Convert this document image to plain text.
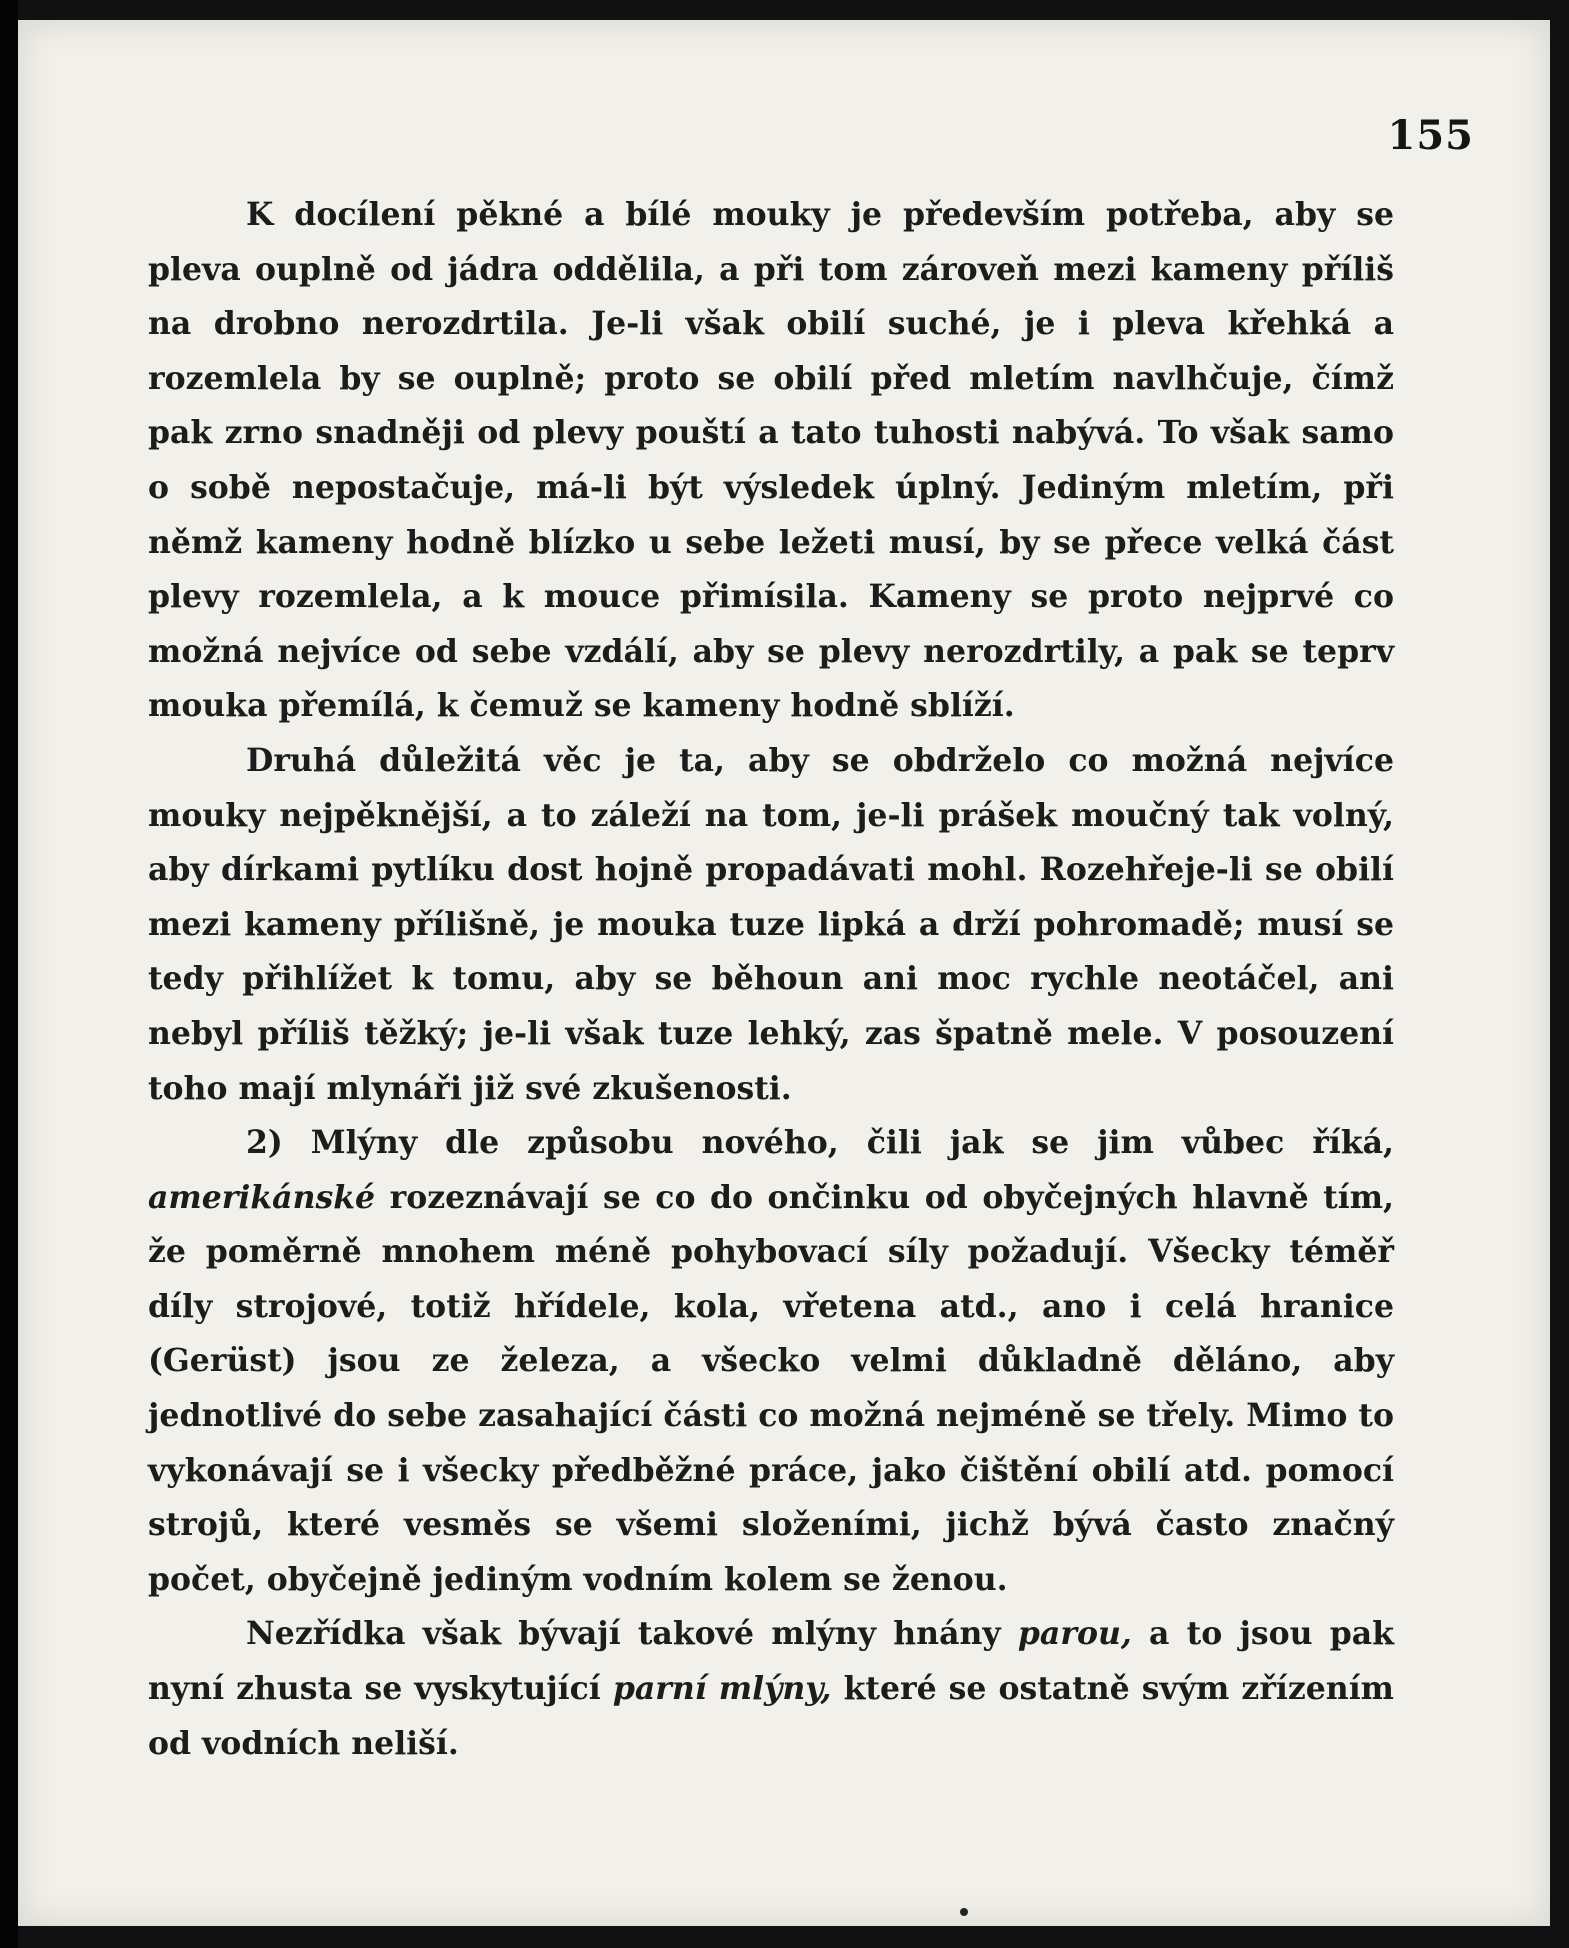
155

K docílení pěkné a bílé mouky je především potřeba, aby se pleva ouplně od jádra oddělila, a při tom zároveň mezi kameny příliš na drobno nerozdrtila. Je-li však obilí suché, je i pleva křehká a rozemlela by se ouplně; proto se obilí před mletím navlhčuje, čímž pak zrno snadněji od plevy pouští a tato tuhosti nabývá. To však samo o sobě nepostačuje, má-li být výsledek úplný. Jediným mletím, při němž kameny hodně blízko u sebe ležeti musí, by se přece velká část plevy rozemlela, a k mouce přimísila. Kameny se proto nejprvé co možná nejvíce od sebe vzdálí, aby se plevy nerozdrtily, a pak se teprv mouka přemílá, k čemuž se kameny hodně sblíží.

Druhá důležitá věc je ta, aby se obdrželo co možná nejvíce mouky nejpěknější, a to záleží na tom, je-li prášek moučný tak volný, aby dírkami pytlíku dost hojně propadávati mohl. Rozehřeje-li se obilí mezi kameny přílišně, je mouka tuze lipká a drží pohromadě; musí se tedy přihlížet k tomu, aby se běhoun ani moc rychle neotáčel, ani nebyl příliš těžký; je-li však tuze lehký, zas špatně mele. V posouzení toho mají mlynáři již své zkušenosti.

2) Mlýny dle způsobu nového, čili jak se jim vůbec říká, amerikánské rozeznávají se co do ončinku od obyčejných hlavně tím, že poměrně mnohem méně pohybovací síly požadují. Všecky téměř díly strojové, totiž hřídele, kola, vřetena atd., ano i celá hranice (Gerüst) jsou ze železa, a všecko velmi důkladně děláno, aby jednotlivé do sebe zasahající části co možná nejméně se třely. Mimo to vykonávají se i všecky předběžné práce, jako čištění obilí atd. pomocí strojů, které vesměs se všemi složeními, jichž bývá často značný počet, obyčejně jediným vodním kolem se ženou.

Nezřídka však bývají takové mlýny hnány parou, a to jsou pak nyní zhusta se vyskytující parní mlýny, které se ostatně svým zřízením od vodních neliší.
